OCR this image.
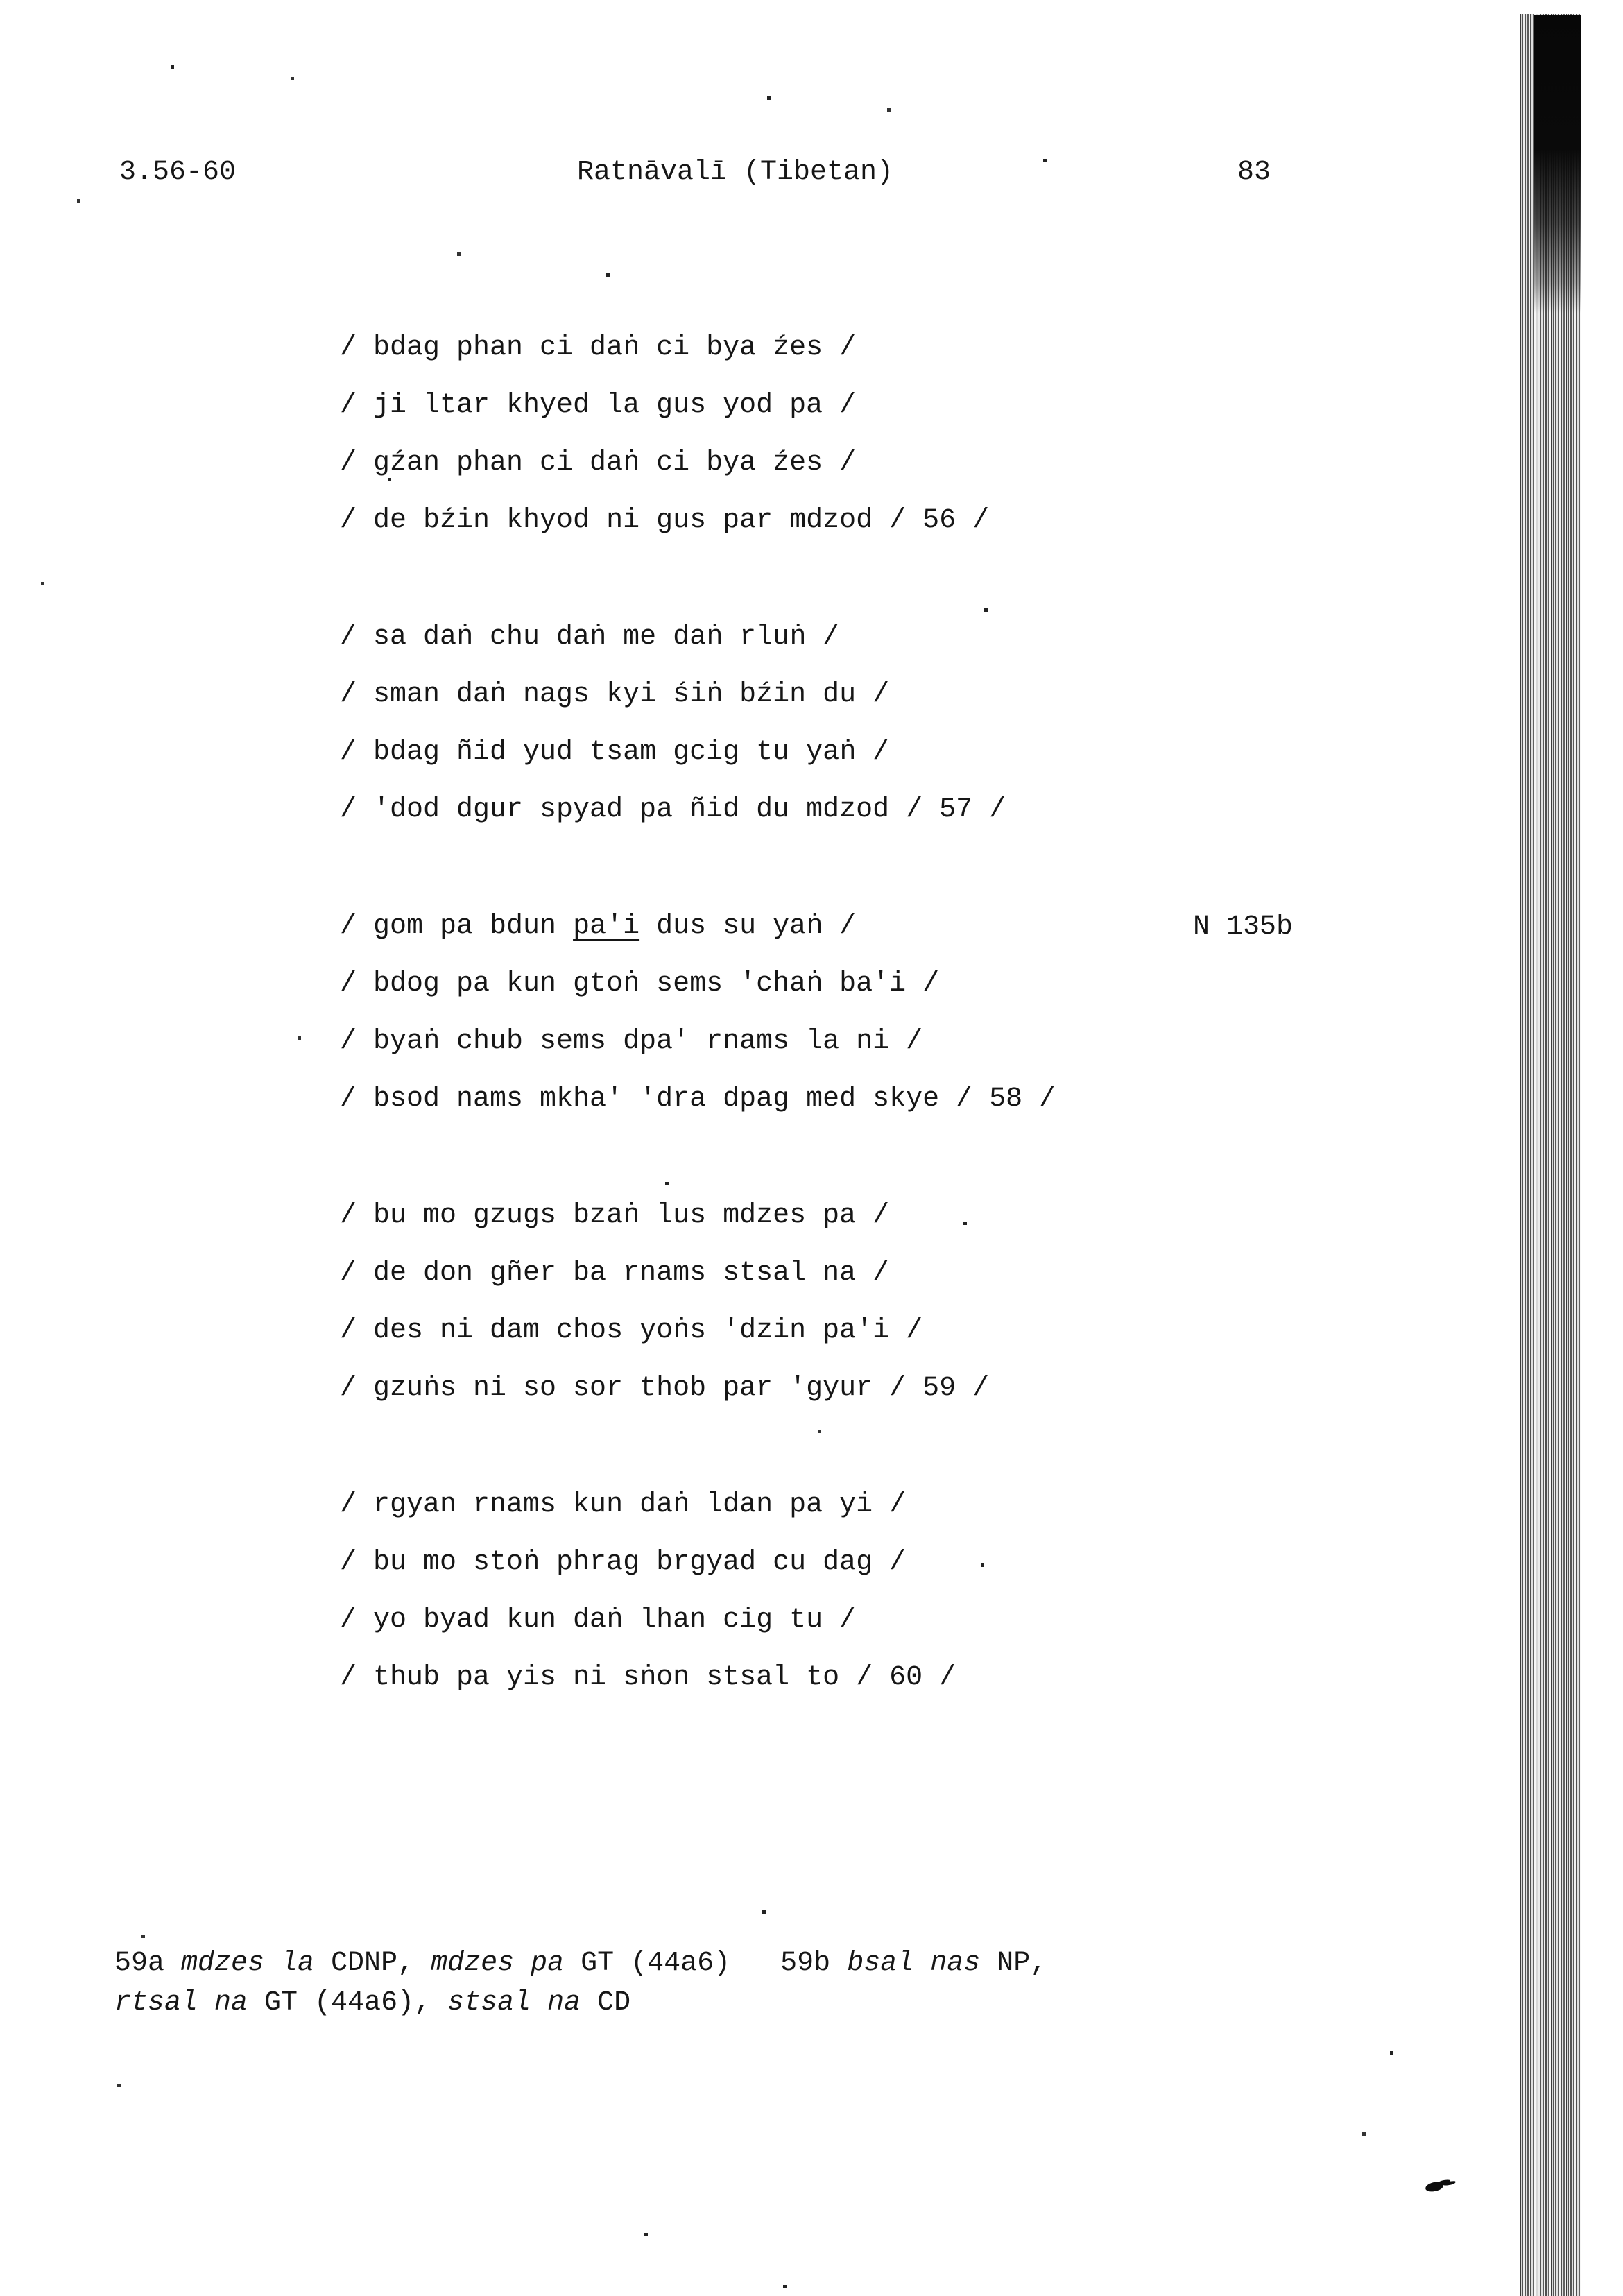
3.56-60	Ratnāvalī (Tibetan)	83
/ bdag phan ci daṅ ci bya źes /
/ ji ltar khyed la gus yod pa /
/ gźan phan ci daṅ ci bya źes /
/ de bźin khyod ni gus par mdzod / 56 /
/ sa daṅ chu daṅ me daṅ rluṅ /
/ sman daṅ nags kyi śiṅ bźin du /
/ bdag ñid yud tsam gcig tu yaṅ /
/ 'dod dgur spyad pa ñid du mdzod / 57 /
/ gom pa bdun pa'i dus su yaṅ /
/ bdog pa kun gtoṅ sems 'chaṅ ba'i /
/ byaṅ chub sems dpa' rnams la ni /
/ bsod nams mkha' 'dra dpag med skye / 58 /
/ bu mo gzugs bzaṅ lus mdzes pa /
/ de don gñer ba rnams stsal na /
/ des ni dam chos yoṅs 'dzin pa'i /
/ gzuṅs ni so sor thob par 'gyur / 59 /
/ rgyan rnams kun daṅ ldan pa yi /
/ bu mo stoṅ phrag brgyad cu dag /
/ yo byad kun daṅ lhan cig tu /
/ thub pa yis ni sṅon stsal to / 60 /
N 135b
59a mdzes la CDNP, mdzes pa GT (44a6)   59b bsal nas NP,
rtsal na GT (44a6), stsal na CD
